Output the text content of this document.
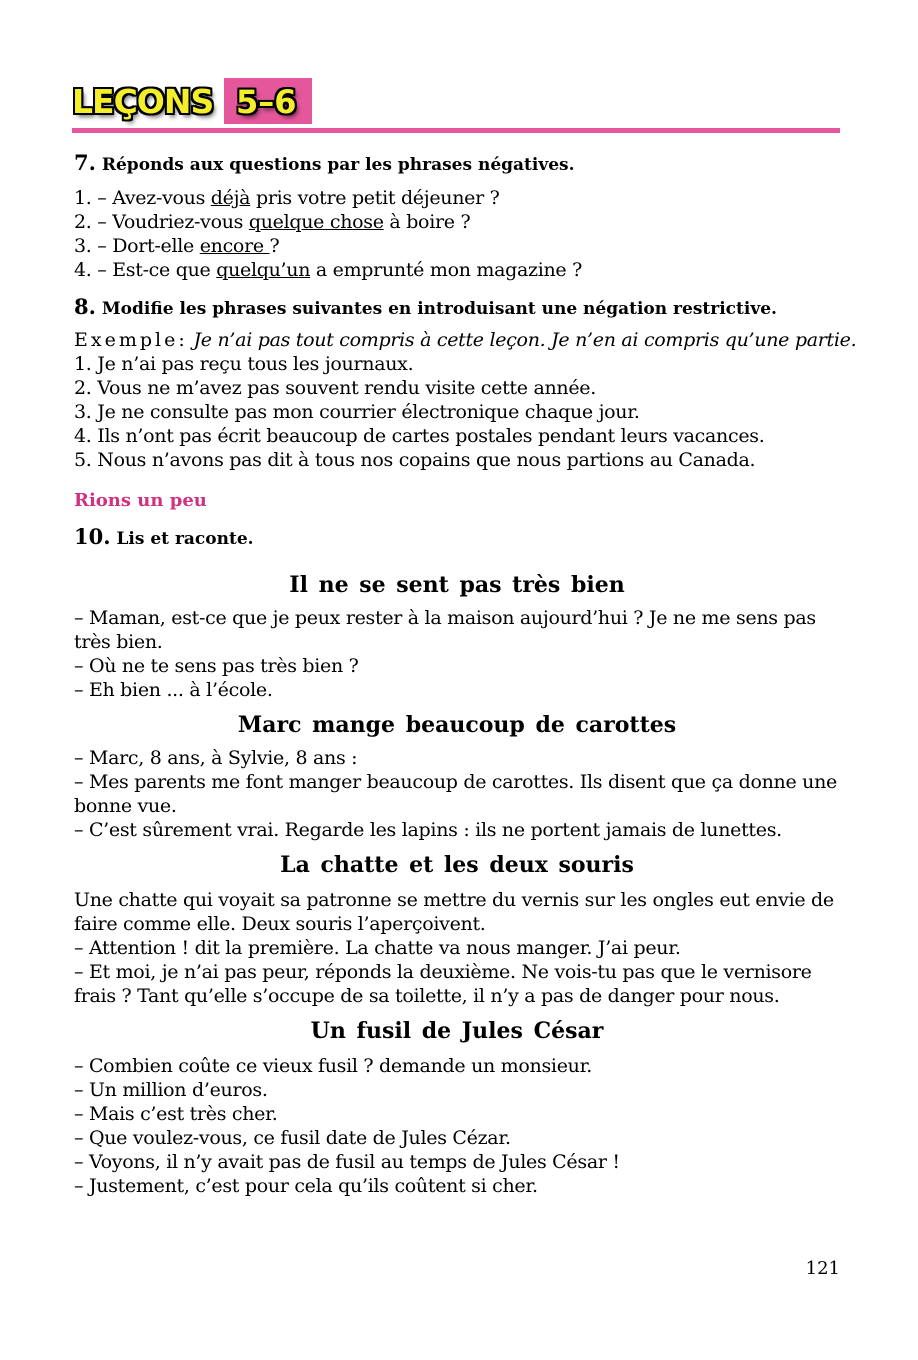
LEÇONS 5–6

7. Réponds aux questions par les phrases négatives.

1. – Avez-vous déjà pris votre petit déjeuner ?

2. – Voudriez-vous quelque chose à boire ?

3. – Dort-elle encore ?

4. – Est-ce que quelqu’un a emprunté mon magazine ?

8. Modifie les phrases suivantes en introduisant une négation restrictive.

Exemple: Je n’ai pas tout compris à cette leçon. Je n’en ai compris qu’une partie.

1. Je n’ai pas reçu tous les journaux.

2. Vous ne m’avez pas souvent rendu visite cette année.

3. Je ne consulte pas mon courrier électronique chaque jour.

4. Ils n’ont pas écrit beaucoup de cartes postales pendant leurs vacances.

5. Nous n’avons pas dit à tous nos copains que nous partions au Canada.

Rions un peu

10. Lis et raconte.

Il ne se sent pas très bien

– Maman, est-ce que je peux rester à la maison aujourd’hui ? Je ne me sens pas très bien.

– Où ne te sens pas très bien ?

– Eh bien ... à l’école.

Marc mange beaucoup de carottes

– Marc, 8 ans, à Sylvie, 8 ans :

– Mes parents me font manger beaucoup de carottes. Ils disent que ça donne une bonne vue.

– C’est sûrement vrai. Regarde les lapins : ils ne portent jamais de lunettes.

La chatte et les deux souris

Une chatte qui voyait sa patronne se mettre du vernis sur les ongles eut envie de faire comme elle. Deux souris l’aperçoivent.

– Attention ! dit la première. La chatte va nous manger. J’ai peur.

– Et moi, je n’ai pas peur, réponds la deuxième. Ne vois-tu pas que le vernisore frais ? Tant qu’elle s’occupe de sa toilette, il n’y a pas de danger pour nous.

Un fusil de Jules César

– Combien coûte ce vieux fusil ? demande un monsieur.

– Un million d’euros.

– Mais c’est très cher.

– Que voulez-vous, ce fusil date de Jules Cézar.

– Voyons, il n’y avait pas de fusil au temps de Jules César !

– Justement, c’est pour cela qu’ils coûtent si cher.

121
